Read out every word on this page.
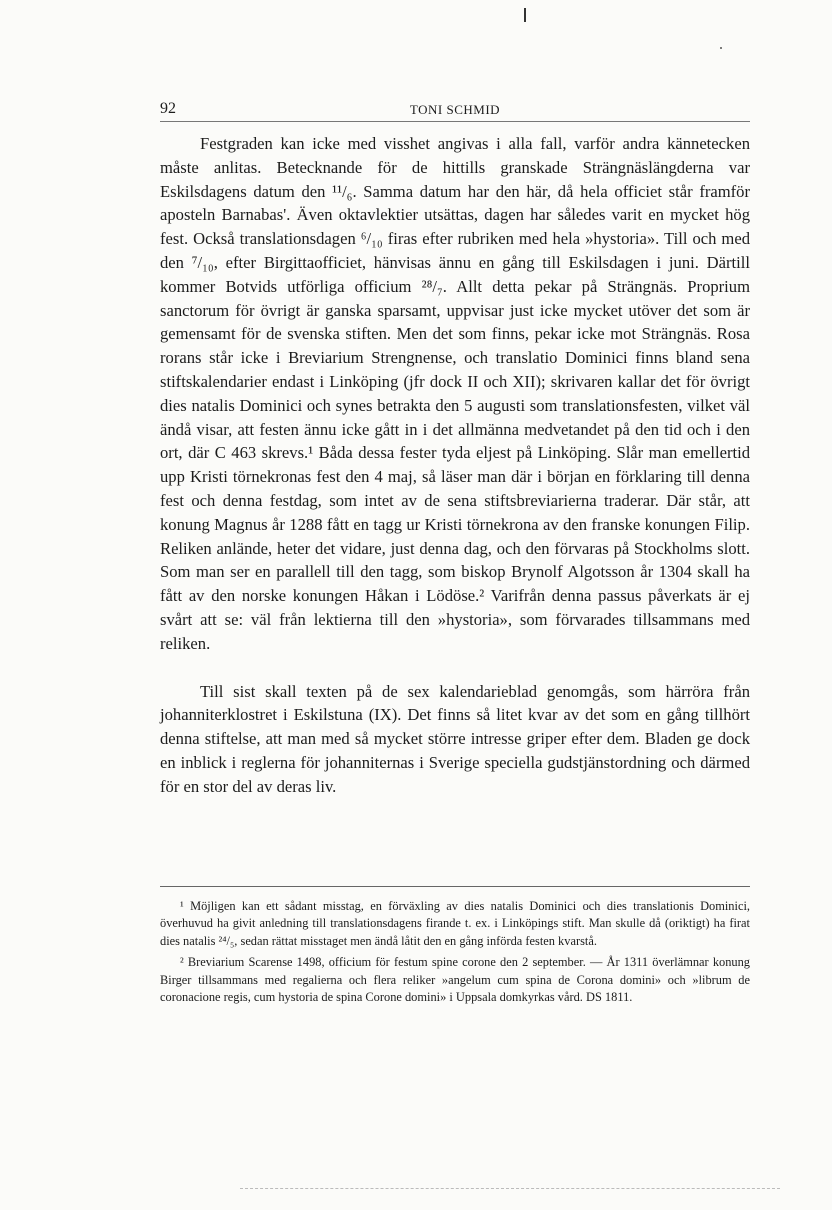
92	TONI SCHMID

Festgraden kan icke med visshet angivas i alla fall, varför andra kännetecken måste anlitas. Betecknande för de hittills granskade Strängnäslängderna var Eskilsdagens datum den ¹¹/₆. Samma datum har den här, då hela officiet står framför aposteln Barnabas'. Även oktavlektier utsättas, dagen har således varit en mycket hög fest. Också translationsdagen ⁶/₁₀ firas efter rubriken med hela »hystoria». Till och med den ⁷/₁₀, efter Birgittaofficiet, hänvisas ännu en gång till Eskilsdagen i juni. Därtill kommer Botvids utförliga officium ²⁸/₇. Allt detta pekar på Strängnäs. Proprium sanctorum för övrigt är ganska sparsamt, uppvisar just icke mycket utöver det som är gemensamt för de svenska stiften. Men det som finns, pekar icke mot Strängnäs. Rosa rorans står icke i Breviarium Strengnense, och translatio Dominici finns bland sena stiftskalendarier endast i Linköping (jfr dock II och XII); skrivaren kallar det för övrigt dies natalis Dominici och synes betrakta den 5 augusti som translationsfesten, vilket väl ändå visar, att festen ännu icke gått in i det allmänna medvetandet på den tid och i den ort, där C 463 skrevs.¹ Båda dessa fester tyda eljest på Linköping. Slår man emellertid upp Kristi törnekronas fest den 4 maj, så läser man där i början en förklaring till denna fest och denna festdag, som intet av de sena stiftsbreviarierna traderar. Där står, att konung Magnus år 1288 fått en tagg ur Kristi törnekrona av den franske konungen Filip. Reliken anlände, heter det vidare, just denna dag, och den förvaras på Stockholms slott. Som man ser en parallell till den tagg, som biskop Brynolf Algotsson år 1304 skall ha fått av den norske konungen Håkan i Lödöse.² Varifrån denna passus påverkats är ej svårt att se: väl från lektierna till den »hystoria», som förvarades tillsammans med reliken.

Till sist skall texten på de sex kalendarieblad genomgås, som härröra från johanniterklostret i Eskilstuna (IX). Det finns så litet kvar av det som en gång tillhört denna stiftelse, att man med så mycket större intresse griper efter dem. Bladen ge dock en inblick i reglerna för johanniternas i Sverige speciella gudstjänstordning och därmed för en stor del av deras liv.

¹ Möjligen kan ett sådant misstag, en förväxling av dies natalis Dominici och dies translationis Dominici, överhuvud ha givit anledning till translationsdagens firande t. ex. i Linköpings stift. Man skulle då (oriktigt) ha firat dies natalis ²⁴/₅, sedan rättat misstaget men ändå låtit den en gång införda festen kvarstå.

² Breviarium Scarense 1498, officium för festum spine corone den 2 september. — År 1311 överlämnar konung Birger tillsammans med regalierna och flera reliker »angelum cum spina de Corona domini» och »librum de coronacione regis, cum hystoria de spina Corone domini» i Uppsala domkyrkas vård. DS 1811.
